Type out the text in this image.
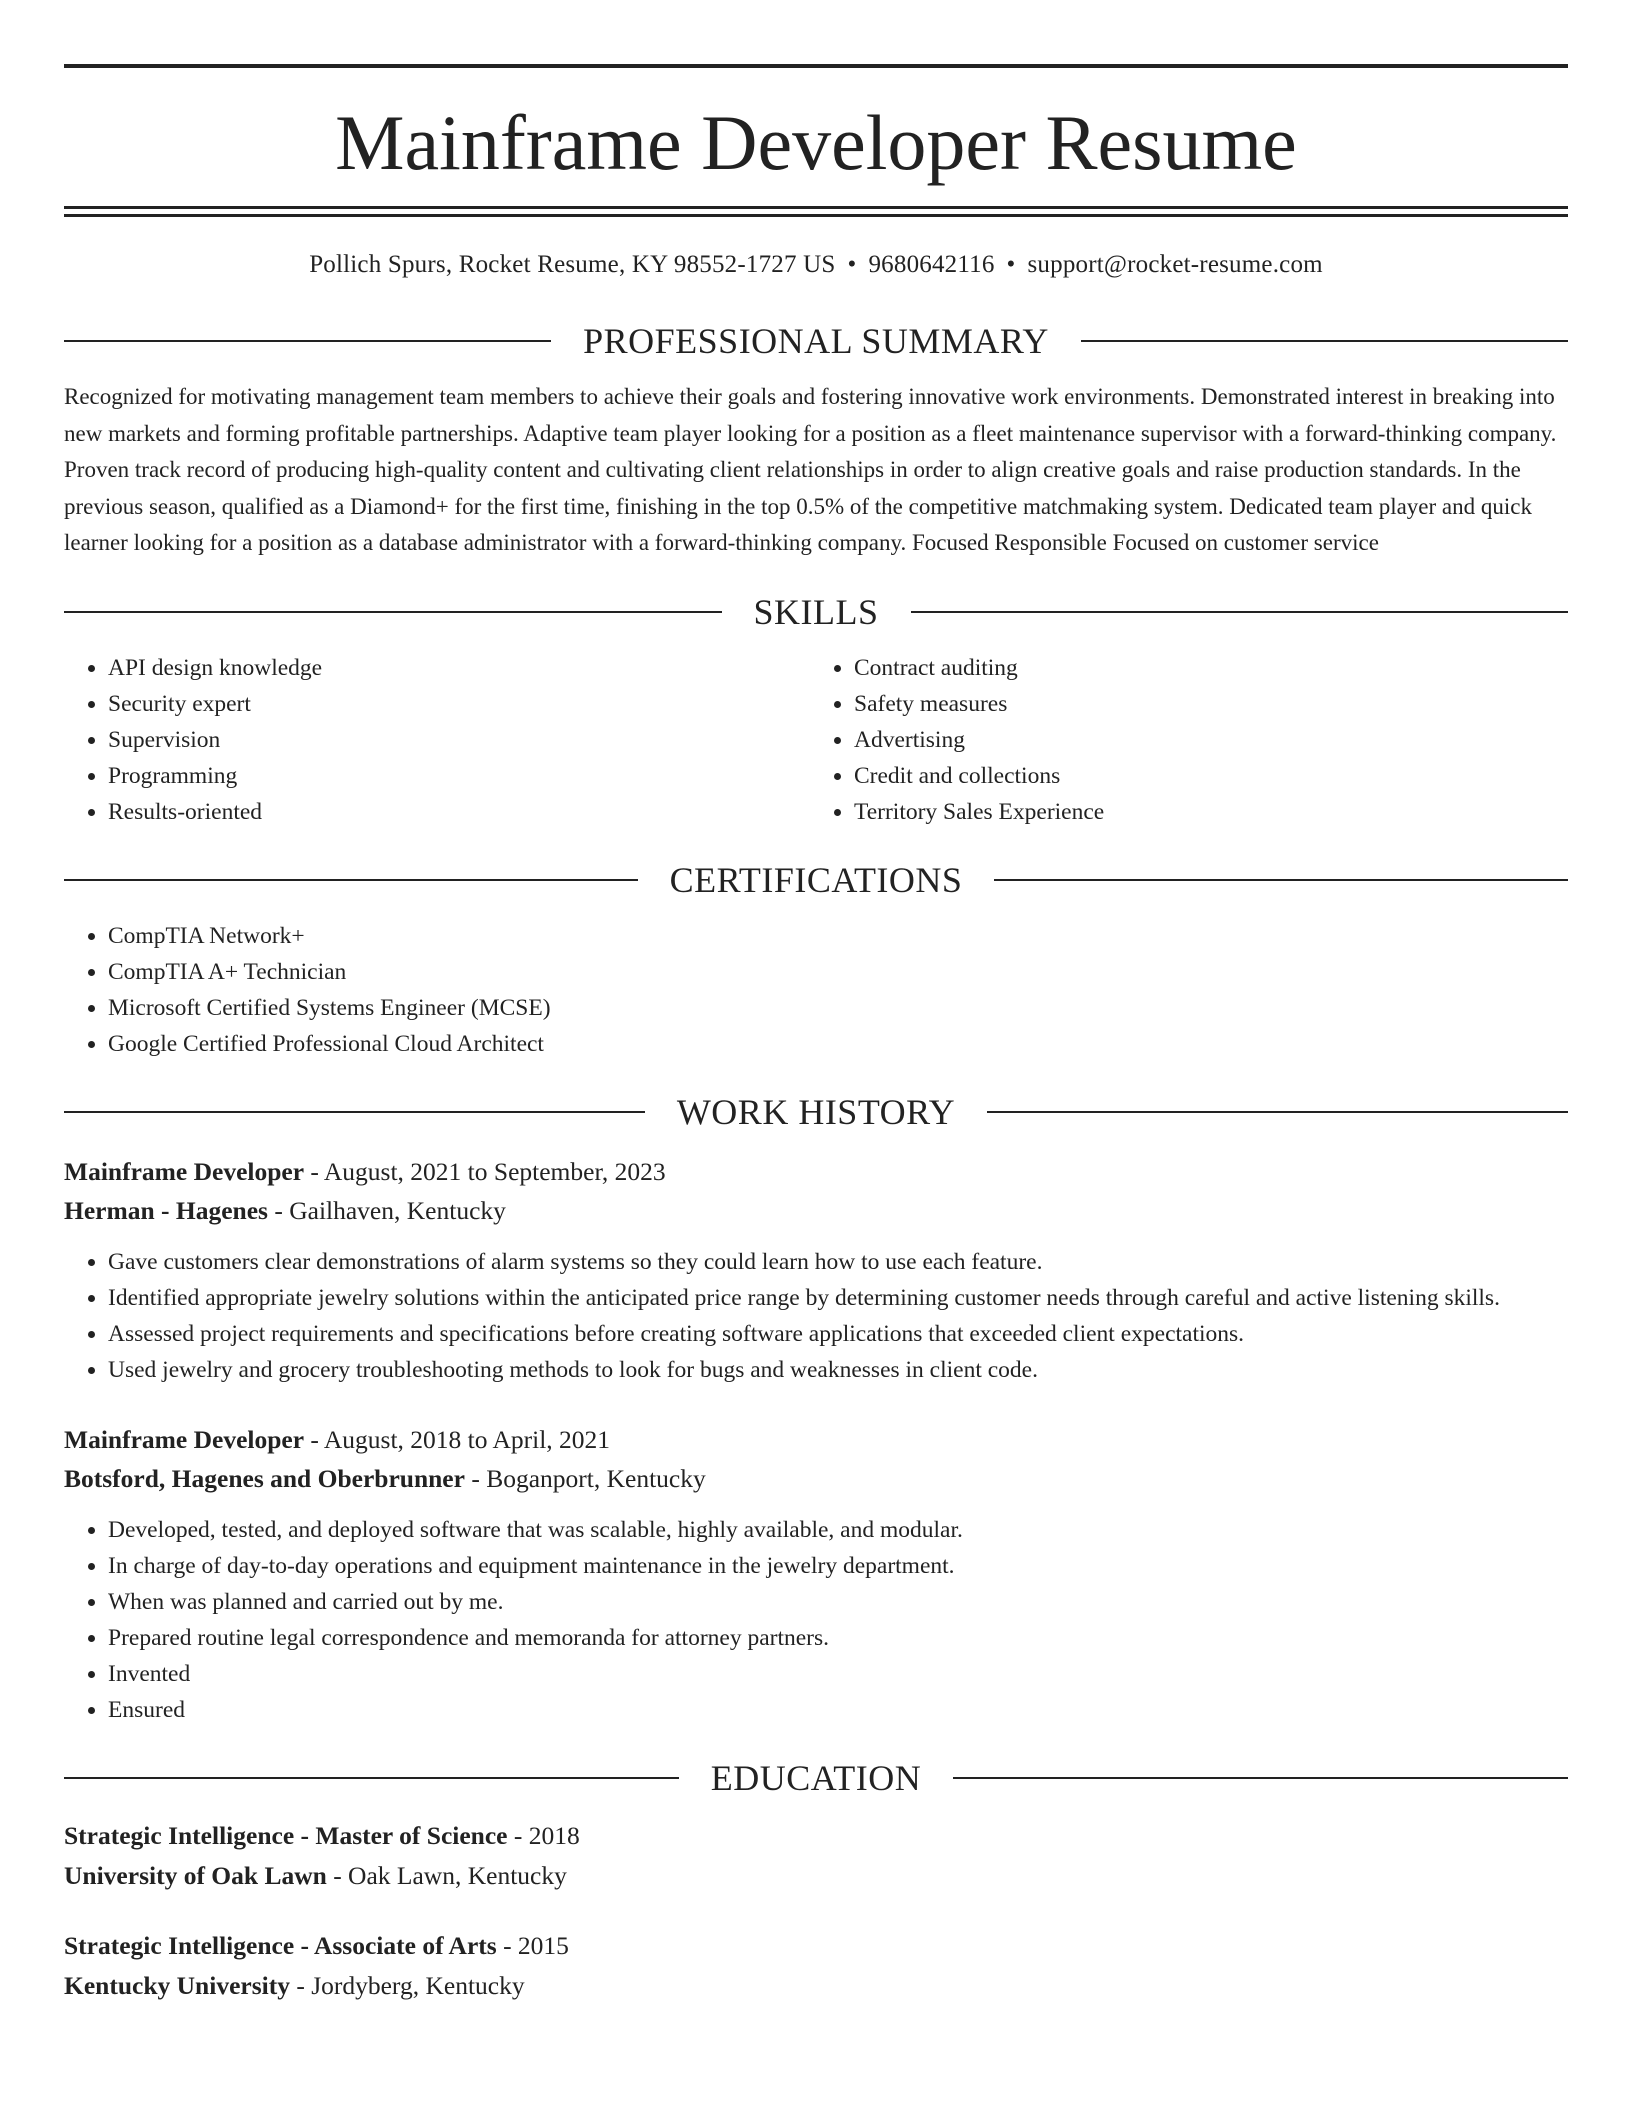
Mainframe Developer Resume
Pollich Spurs, Rocket Resume, KY 98552-1727 US • 9680642116 • support@rocket-resume.com
PROFESSIONAL SUMMARY
Recognized for motivating management team members to achieve their goals and fostering innovative work environments. Demonstrated interest in breaking into new markets and forming profitable partnerships. Adaptive team player looking for a position as a fleet maintenance supervisor with a forward-thinking company. Proven track record of producing high-quality content and cultivating client relationships in order to align creative goals and raise production standards. In the previous season, qualified as a Diamond+ for the first time, finishing in the top 0.5% of the competitive matchmaking system. Dedicated team player and quick learner looking for a position as a database administrator with a forward-thinking company. Focused Responsible Focused on customer service
SKILLS
• API design knowledge
• Security expert
• Supervision
• Programming
• Results-oriented
• Contract auditing
• Safety measures
• Advertising
• Credit and collections
• Territory Sales Experience
CERTIFICATIONS
• CompTIA Network+
• CompTIA A+ Technician
• Microsoft Certified Systems Engineer (MCSE)
• Google Certified Professional Cloud Architect
WORK HISTORY
Mainframe Developer - August, 2021 to September, 2023
Herman - Hagenes - Gailhaven, Kentucky
• Gave customers clear demonstrations of alarm systems so they could learn how to use each feature.
• Identified appropriate jewelry solutions within the anticipated price range by determining customer needs through careful and active listening skills.
• Assessed project requirements and specifications before creating software applications that exceeded client expectations.
• Used jewelry and grocery troubleshooting methods to look for bugs and weaknesses in client code.
Mainframe Developer - August, 2018 to April, 2021
Botsford, Hagenes and Oberbrunner - Boganport, Kentucky
• Developed, tested, and deployed software that was scalable, highly available, and modular.
• In charge of day-to-day operations and equipment maintenance in the jewelry department.
• When was planned and carried out by me.
• Prepared routine legal correspondence and memoranda for attorney partners.
• Invented
• Ensured
EDUCATION
Strategic Intelligence - Master of Science - 2018
University of Oak Lawn - Oak Lawn, Kentucky
Strategic Intelligence - Associate of Arts - 2015
Kentucky University - Jordyberg, Kentucky
